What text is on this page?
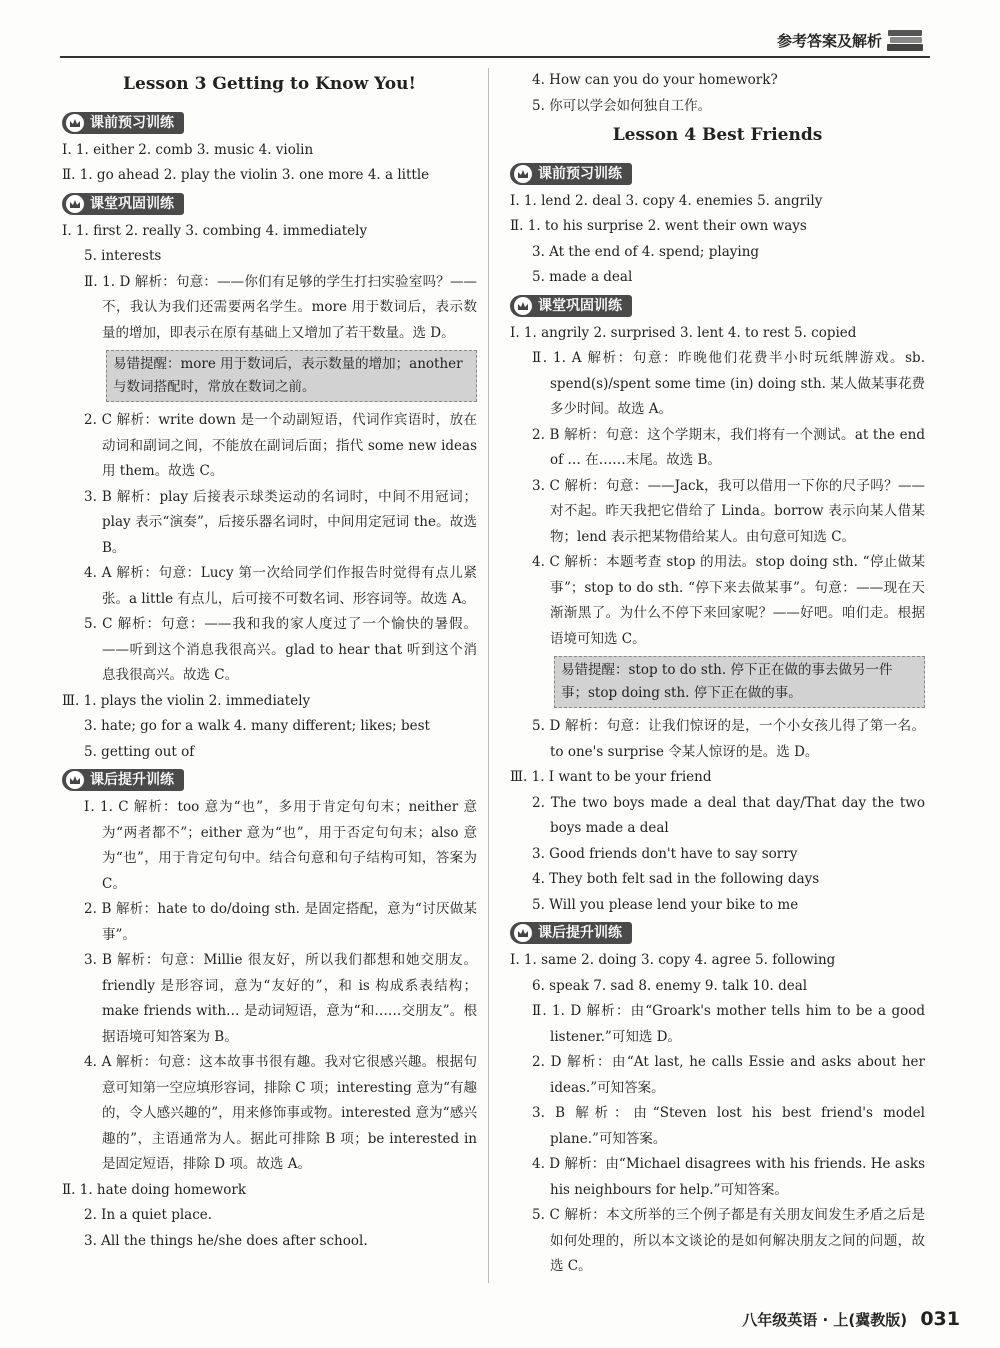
参考答案及解析
Lesson 3 Getting to Know You!
课前预习训练
Ⅰ. 1. either 2. comb 3. music 4. violin
Ⅱ. 1. go ahead 2. play the violin 3. one more 4. a little
课堂巩固训练
Ⅰ. 1. first 2. really 3. combing 4. immediately
5. interests
Ⅱ. 1. D 解析：句意：——你们有足够的学生打扫实验室吗？——不，我认为我们还需要两名学生。more 用于数词后，表示数量的增加，即表示在原有基础上又增加了若干数量。选 D。
易错提醒：more 用于数词后，表示数量的增加；another 与数词搭配时，常放在数词之前。
2. C 解析：write down 是一个动副短语，代词作宾语时，放在动词和副词之间，不能放在副词后面；指代 some new ideas 用 them。故选 C。
3. B 解析：play 后接表示球类运动的名词时，中间不用冠词；play 表示“演奏”，后接乐器名词时，中间用定冠词 the。故选 B。
4. A 解析：句意：Lucy 第一次给同学们作报告时觉得有点儿紧张。a little 有点儿，后可接不可数名词、形容词等。故选 A。
5. C 解析：句意：——我和我的家人度过了一个愉快的暑假。——听到这个消息我很高兴。glad to hear that 听到这个消息我很高兴。故选 C。
Ⅲ. 1. plays the violin 2. immediately
3. hate; go for a walk 4. many different; likes; best
5. getting out of
课后提升训练
Ⅰ. 1. C 解析：too 意为“也”，多用于肯定句句末；neither 意为“两者都不”；either 意为“也”，用于否定句句末；also 意为“也”，用于肯定句句中。结合句意和句子结构可知，答案为 C。
2. B 解析：hate to do/doing sth. 是固定搭配，意为“讨厌做某事”。
3. B 解析：句意：Millie 很友好，所以我们都想和她交朋友。friendly 是形容词，意为“友好的”，和 is 构成系表结构；make friends with… 是动词短语，意为“和……交朋友”。根据语境可知答案为 B。
4. A 解析：句意：这本故事书很有趣。我对它很感兴趣。根据句意可知第一空应填形容词，排除 C 项；interesting 意为“有趣的，令人感兴趣的”，用来修饰事或物。interested 意为“感兴趣的”，主语通常为人。据此可排除 B 项；be interested in 是固定短语，排除 D 项。故选 A。
Ⅱ. 1. hate doing homework
2. In a quiet place.
3. All the things he/she does after school.
4. How can you do your homework?
5. 你可以学会如何独自工作。
Lesson 4 Best Friends
课前预习训练
Ⅰ. 1. lend 2. deal 3. copy 4. enemies 5. angrily
Ⅱ. 1. to his surprise 2. went their own ways
3. At the end of 4. spend; playing
5. made a deal
课堂巩固训练
Ⅰ. 1. angrily 2. surprised 3. lent 4. to rest 5. copied
Ⅱ. 1. A 解析：句意：昨晚他们花费半小时玩纸牌游戏。sb. spend(s)/spent some time (in) doing sth. 某人做某事花费多少时间。故选 A。
2. B 解析：句意：这个学期末，我们将有一个测试。at the end of … 在……末尾。故选 B。
3. C 解析：句意：——Jack，我可以借用一下你的尺子吗？——对不起。昨天我把它借给了 Linda。borrow 表示向某人借某物；lend 表示把某物借给某人。由句意可知选 C。
4. C 解析：本题考查 stop 的用法。stop doing sth. “停止做某事”；stop to do sth. “停下来去做某事”。句意：——现在天渐渐黑了。为什么不停下来回家呢？——好吧。咱们走。根据语境可知选 C。
易错提醒：stop to do sth. 停下正在做的事去做另一件事；stop doing sth. 停下正在做的事。
5. D 解析：句意：让我们惊讶的是，一个小女孩儿得了第一名。to one's surprise 令某人惊讶的是。选 D。
Ⅲ. 1. I want to be your friend
2. The two boys made a deal that day/That day the two boys made a deal
3. Good friends don't have to say sorry
4. They both felt sad in the following days
5. Will you please lend your bike to me
课后提升训练
Ⅰ. 1. same 2. doing 3. copy 4. agree 5. following
6. speak 7. sad 8. enemy 9. talk 10. deal
Ⅱ. 1. D 解析：由“Groark's mother tells him to be a good listener.”可知选 D。
2. D 解析：由“At last, he calls Essie and asks about her ideas.”可知答案。
3. B 解析：由“Steven lost his best friend's model plane.”可知答案。
4. D 解析：由“Michael disagrees with his friends. He asks his neighbours for help.”可知答案。
5. C 解析：本文所举的三个例子都是有关朋友间发生矛盾之后是如何处理的，所以本文谈论的是如何解决朋友之间的问题，故选 C。
八年级英语 · 上(冀教版) 031
